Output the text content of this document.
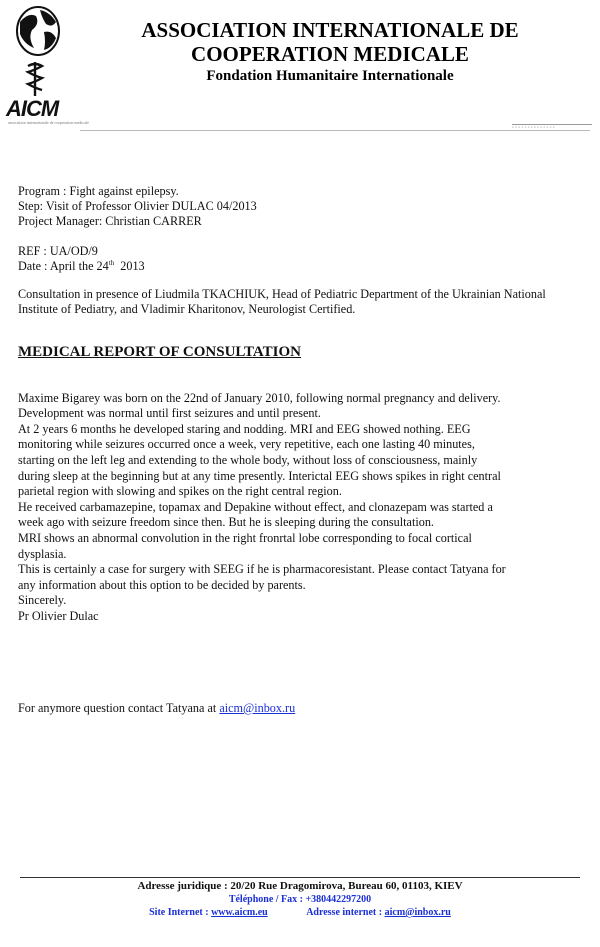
AICM
association internationale de cooperation medicale
ASSOCIATION INTERNATIONALE DE
COOPERATION MEDICALE
Fondation Humanitaire Internationale
◦◦◦◦◦◦◦◦◦◦◦◦◦◦
Program : Fight against epilepsy.
Step: Visit of Professor Olivier DULAC 04/2013
Project Manager: Christian CARRER
REF : UA/OD/9
Date : April the 24th  2013
Consultation in presence of Liudmila TKACHIUK, Head of Pediatric Department of the Ukrainian National
Institute of Pediatry, and Vladimir Kharitonov, Neurologist Certified.
MEDICAL REPORT OF CONSULTATION
Maxime Bigarey was born on the 22nd of January 2010, following normal pregnancy and delivery.
Development was normal until first seizures and until present.
At 2 years 6 months he developed staring and nodding. MRI and EEG showed nothing. EEG
monitoring while seizures occurred once a week, very repetitive, each one lasting 40 minutes,
starting on the left leg and extending to the whole body, without loss of consciousness, mainly
during sleep at the beginning but at any time presently. Interictal EEG shows spikes in right central
parietal region with slowing and spikes on the right central region.
He received carbamazepine, topamax and Depakine without effect, and clonazepam was started a
week ago with seizure freedom since then. But he is sleeping during the consultation.
MRI shows an abnormal convolution in the right fronrtal lobe corresponding to focal cortical
dysplasia.
This is certainly a case for surgery with SEEG if he is pharmacoresistant. Please contact Tatyana for
any information about this option to be decided by parents.
Sincerely.
Pr Olivier Dulac
For anymore question contact Tatyana at aicm@inbox.ru
Adresse juridique : 20/20 Rue Dragomirova, Bureau 60, 01103, KIEV
Téléphone / Fax : +380442297200
Site Internet : www.aicm.eu	Adresse internet : aicm@inbox.ru
